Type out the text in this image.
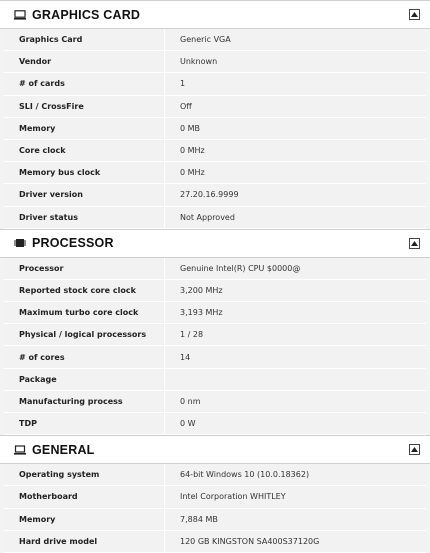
GRAPHICS CARD
Graphics Card	Generic VGA
Vendor	Unknown
# of cards	1
SLI / CrossFire	Off
Memory	0 MB
Core clock	0 MHz
Memory bus clock	0 MHz
Driver version	27.20.16.9999
Driver status	Not Approved
PROCESSOR
Processor	Genuine Intel(R) CPU $0000@
Reported stock core clock	3,200 MHz
Maximum turbo core clock	3,193 MHz
Physical / logical processors	1 / 28
# of cores	14
Package
Manufacturing process	0 nm
TDP	0 W
GENERAL
Operating system	64-bit Windows 10 (10.0.18362)
Motherboard	Intel Corporation WHITLEY
Memory	7,884 MB
Hard drive model	120 GB KINGSTON SA400S37120G
